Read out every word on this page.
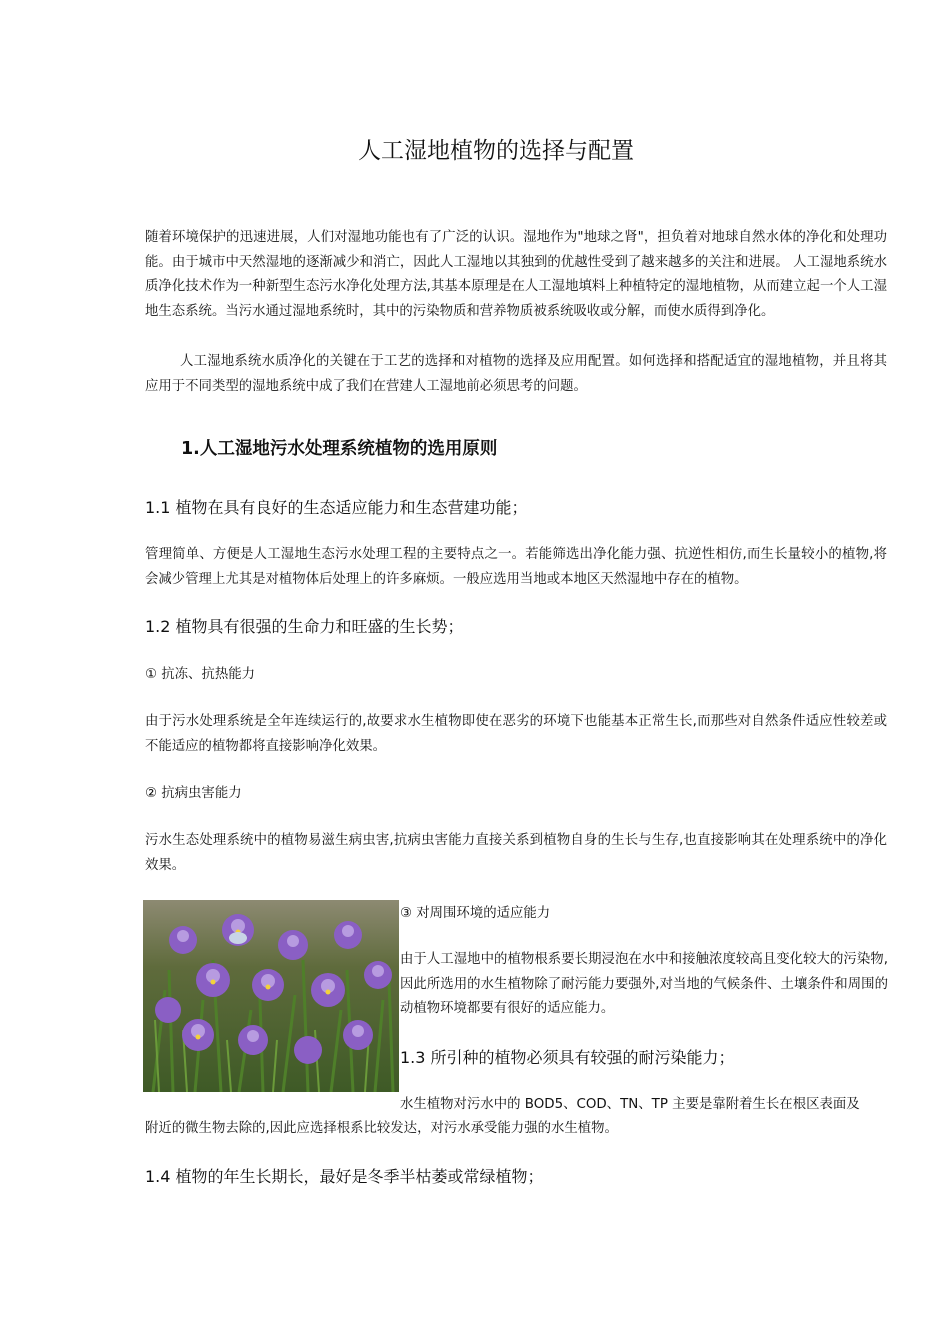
人工湿地植物的选择与配置

随着环境保护的迅速进展，人们对湿地功能也有了广泛的认识。湿地作为"地球之肾"，担负着对地球自然水体的净化和处理功能。由于城市中天然湿地的逐渐减少和消亡，因此人工湿地以其独到的优越性受到了越来越多的关注和进展。 人工湿地系统水质净化技术作为一种新型生态污水净化处理方法,其基本原理是在人工湿地填料上种植特定的湿地植物，从而建立起一个人工湿地生态系统。当污水通过湿地系统时，其中的污染物质和营养物质被系统吸收或分解，而使水质得到净化。

人工湿地系统水质净化的关键在于工艺的选择和对植物的选择及应用配置。如何选择和搭配适宜的湿地植物，并且将其应用于不同类型的湿地系统中成了我们在营建人工湿地前必须思考的问题。

1.人工湿地污水处理系统植物的选用原则
1.1 植物在具有良好的生态适应能力和生态营建功能；

管理简单、方便是人工湿地生态污水处理工程的主要特点之一。若能筛选出净化能力强、抗逆性相仿,而生长量较小的植物,将会减少管理上尤其是对植物体后处理上的许多麻烦。一般应选用当地或本地区天然湿地中存在的植物。

1.2 植物具有很强的生命力和旺盛的生长势；

① 抗冻、抗热能力

由于污水处理系统是全年连续运行的,故要求水生植物即使在恶劣的环境下也能基本正常生长,而那些对自然条件适应性较差或不能适应的植物都将直接影响净化效果。

② 抗病虫害能力

污水生态处理系统中的植物易滋生病虫害,抗病虫害能力直接关系到植物自身的生长与生存,也直接影响其在处理系统中的净化效果。

③ 对周围环境的适应能力

由于人工湿地中的植物根系要长期浸泡在水中和接触浓度较高且变化较大的污染物,因此所选用的水生植物除了耐污能力要强外,对当地的气候条件、土壤条件和周围的动植物环境都要有很好的适应能力。

1.3 所引种的植物必须具有较强的耐污染能力；

水生植物对污水中的 BOD5、COD、TN、TP 主要是靠附着生长在根区表面及

附近的微生物去除的,因此应选择根系比较发达，对污水承受能力强的水生植物。

1.4 植物的年生长期长，最好是冬季半枯萎或常绿植物；
